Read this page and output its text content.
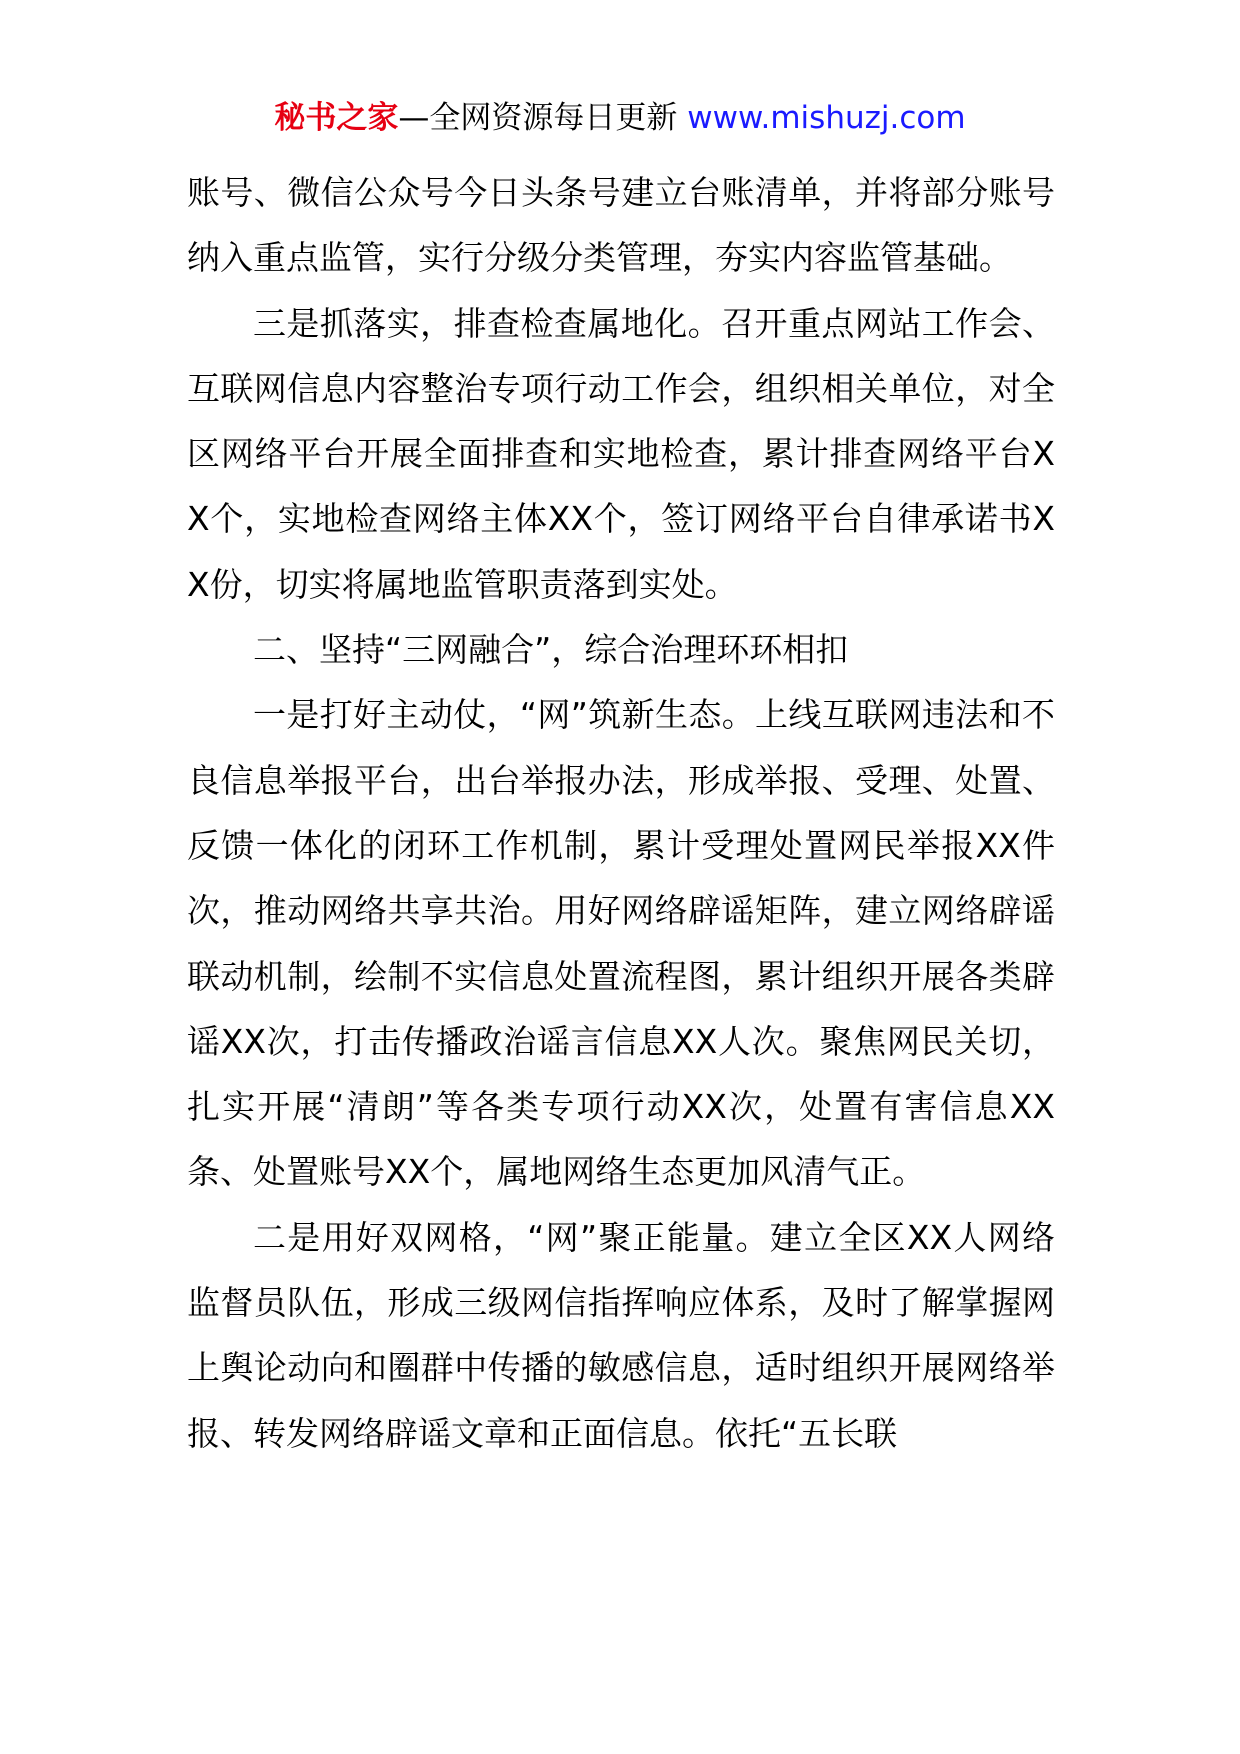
秘书之家—全网资源每日更新 www.mishuzj.com

账号、微信公众号今日头条号建立台账清单，并将部分账号纳入重点监管，实行分级分类管理，夯实内容监管基础。

三是抓落实，排查检查属地化。召开重点网站工作会、互联网信息内容整治专项行动工作会，组织相关单位，对全区网络平台开展全面排查和实地检查，累计排查网络平台XX个，实地检查网络主体XX个，签订网络平台自律承诺书XX份，切实将属地监管职责落到实处。

二、坚持“三网融合”，综合治理环环相扣

一是打好主动仗，“网”筑新生态。上线互联网违法和不良信息举报平台，出台举报办法，形成举报、受理、处置、反馈一体化的闭环工作机制，累计受理处置网民举报XX件次，推动网络共享共治。用好网络辟谣矩阵，建立网络辟谣联动机制，绘制不实信息处置流程图，累计组织开展各类辟谣XX次，打击传播政治谣言信息XX人次。聚焦网民关切，扎实开展“清朗”等各类专项行动XX次，处置有害信息XX条、处置账号XX个，属地网络生态更加风清气正。

二是用好双网格，“网”聚正能量。建立全区XX人网络监督员队伍，形成三级网信指挥响应体系，及时了解掌握网上舆论动向和圈群中传播的敏感信息，适时组织开展网络举报、转发网络辟谣文章和正面信息。依托“五长联
